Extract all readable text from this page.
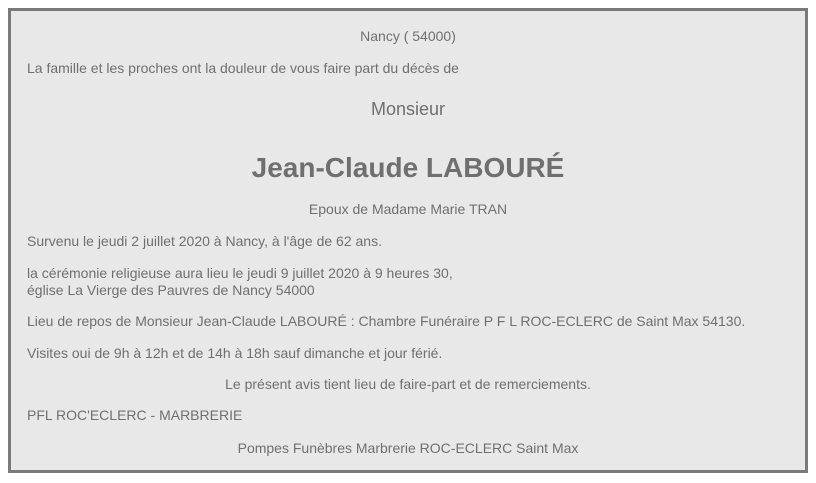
Nancy ( 54000)
La famille et les proches ont la douleur de vous faire part du décès de
Monsieur
Jean-Claude LABOURÉ
Epoux de Madame Marie TRAN
Survenu le jeudi 2 juillet 2020 à Nancy, à l'âge de 62 ans.
la cérémonie religieuse aura lieu le jeudi 9 juillet 2020 à 9 heures 30,
église La Vierge des Pauvres de Nancy 54000
Lieu de repos de Monsieur Jean-Claude LABOURÉ : Chambre Funéraire P F L ROC-ECLERC de Saint Max 54130.
Visites oui de 9h à 12h et de 14h à 18h sauf dimanche et jour férié.
Le présent avis tient lieu de faire-part et de remerciements.
PFL ROC'ECLERC - MARBRERIE
Pompes Funèbres Marbrerie ROC-ECLERC Saint Max
